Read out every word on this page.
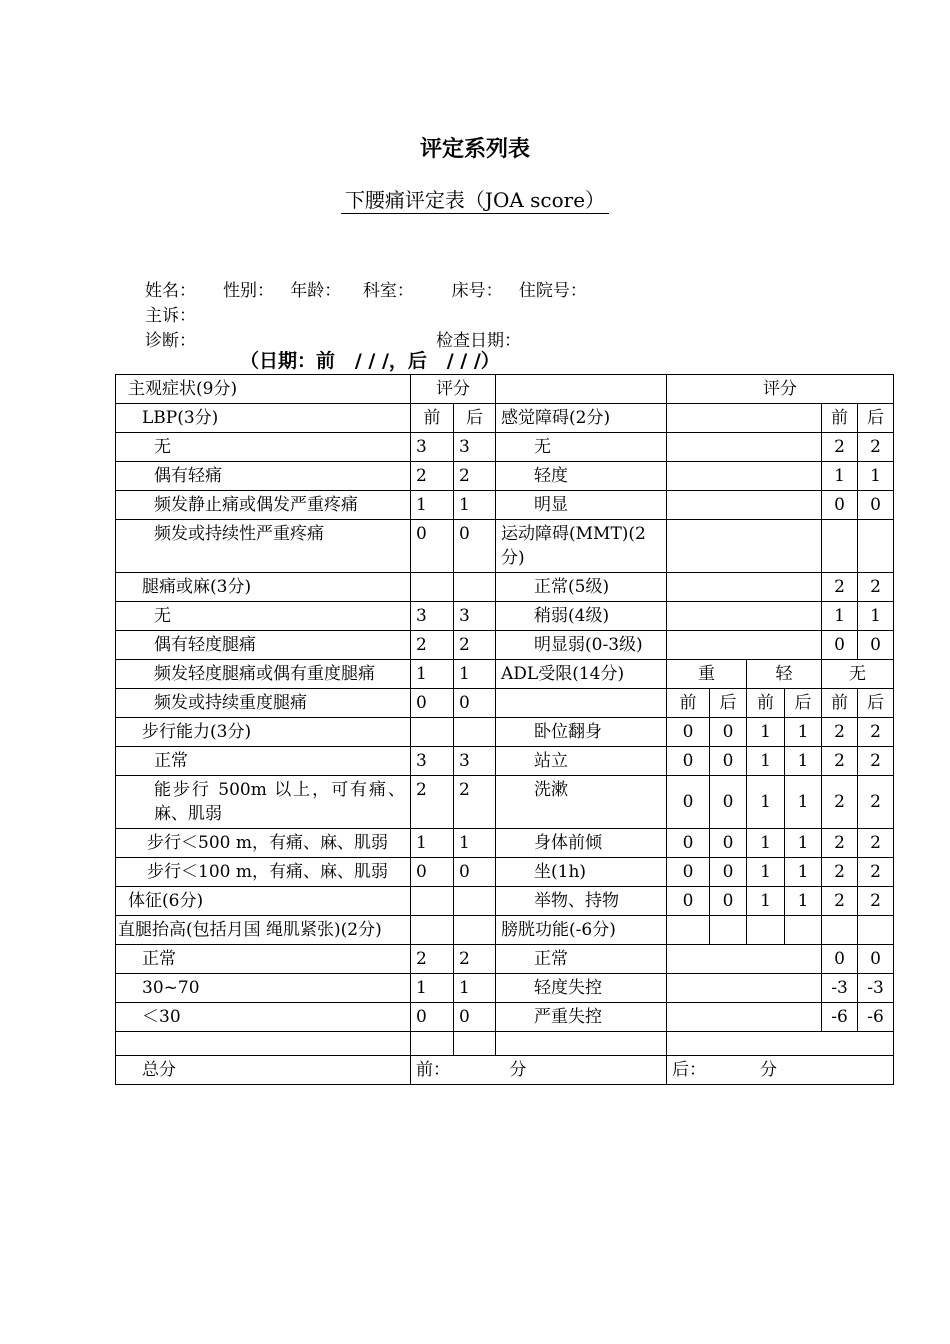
评定系列表
下腰痛评定表（JOA score）
姓名：     性别：   年龄：    科室：       床号：   住院号：
主诉：
诊断：	检查日期：
（日期：前   / / /，后   / / /）
主观症状(9分)	评分			评分					
LBP(3分)	前	后	感觉障碍(2分)					前	后
无	3	3	无					2	2
偶有轻痛	2	2	轻度					1	1
频发静止痛或偶发严重疼痛	1	1	明显					0	0
频发或持续性严重疼痛	0	0	运动障碍(MMT)(2分)						
腿痛或麻(3分)			正常(5级)					2	2
无	3	3	稍弱(4级)					1	1
偶有轻度腿痛	2	2	明显弱(0-3级)					0	0
频发轻度腿痛或偶有重度腿痛	1	1	ADL受限(14分)	重		轻		无	
频发或持续重度腿痛	0	0		前	后	前	后	前	后
步行能力(3分)			卧位翻身	0	0	1	1	2	2
正常	3	3	站立	0	0	1	1	2	2
能步行 500m 以上，可有痛、麻、肌弱	2	2	洗漱	0	0	1	1	2	2
步行＜500 m，有痛、麻、肌弱	1	1	身体前倾	0	0	1	1	2	2
步行＜100 m，有痛、麻、肌弱	0	0	坐(1h)	0	0	1	1	2	2
体征(6分)			举物、持物	0	0	1	1	2	2

直腿抬高(包括月国 绳肌紧张)(2分)			膀胱功能(-6分)						
正常	2	2	正常					0	0
30~70	1	1	轻度失控					-3	-3
＜30	0	0	严重失控					-6	-6

总分	前：           分			后：          分					
